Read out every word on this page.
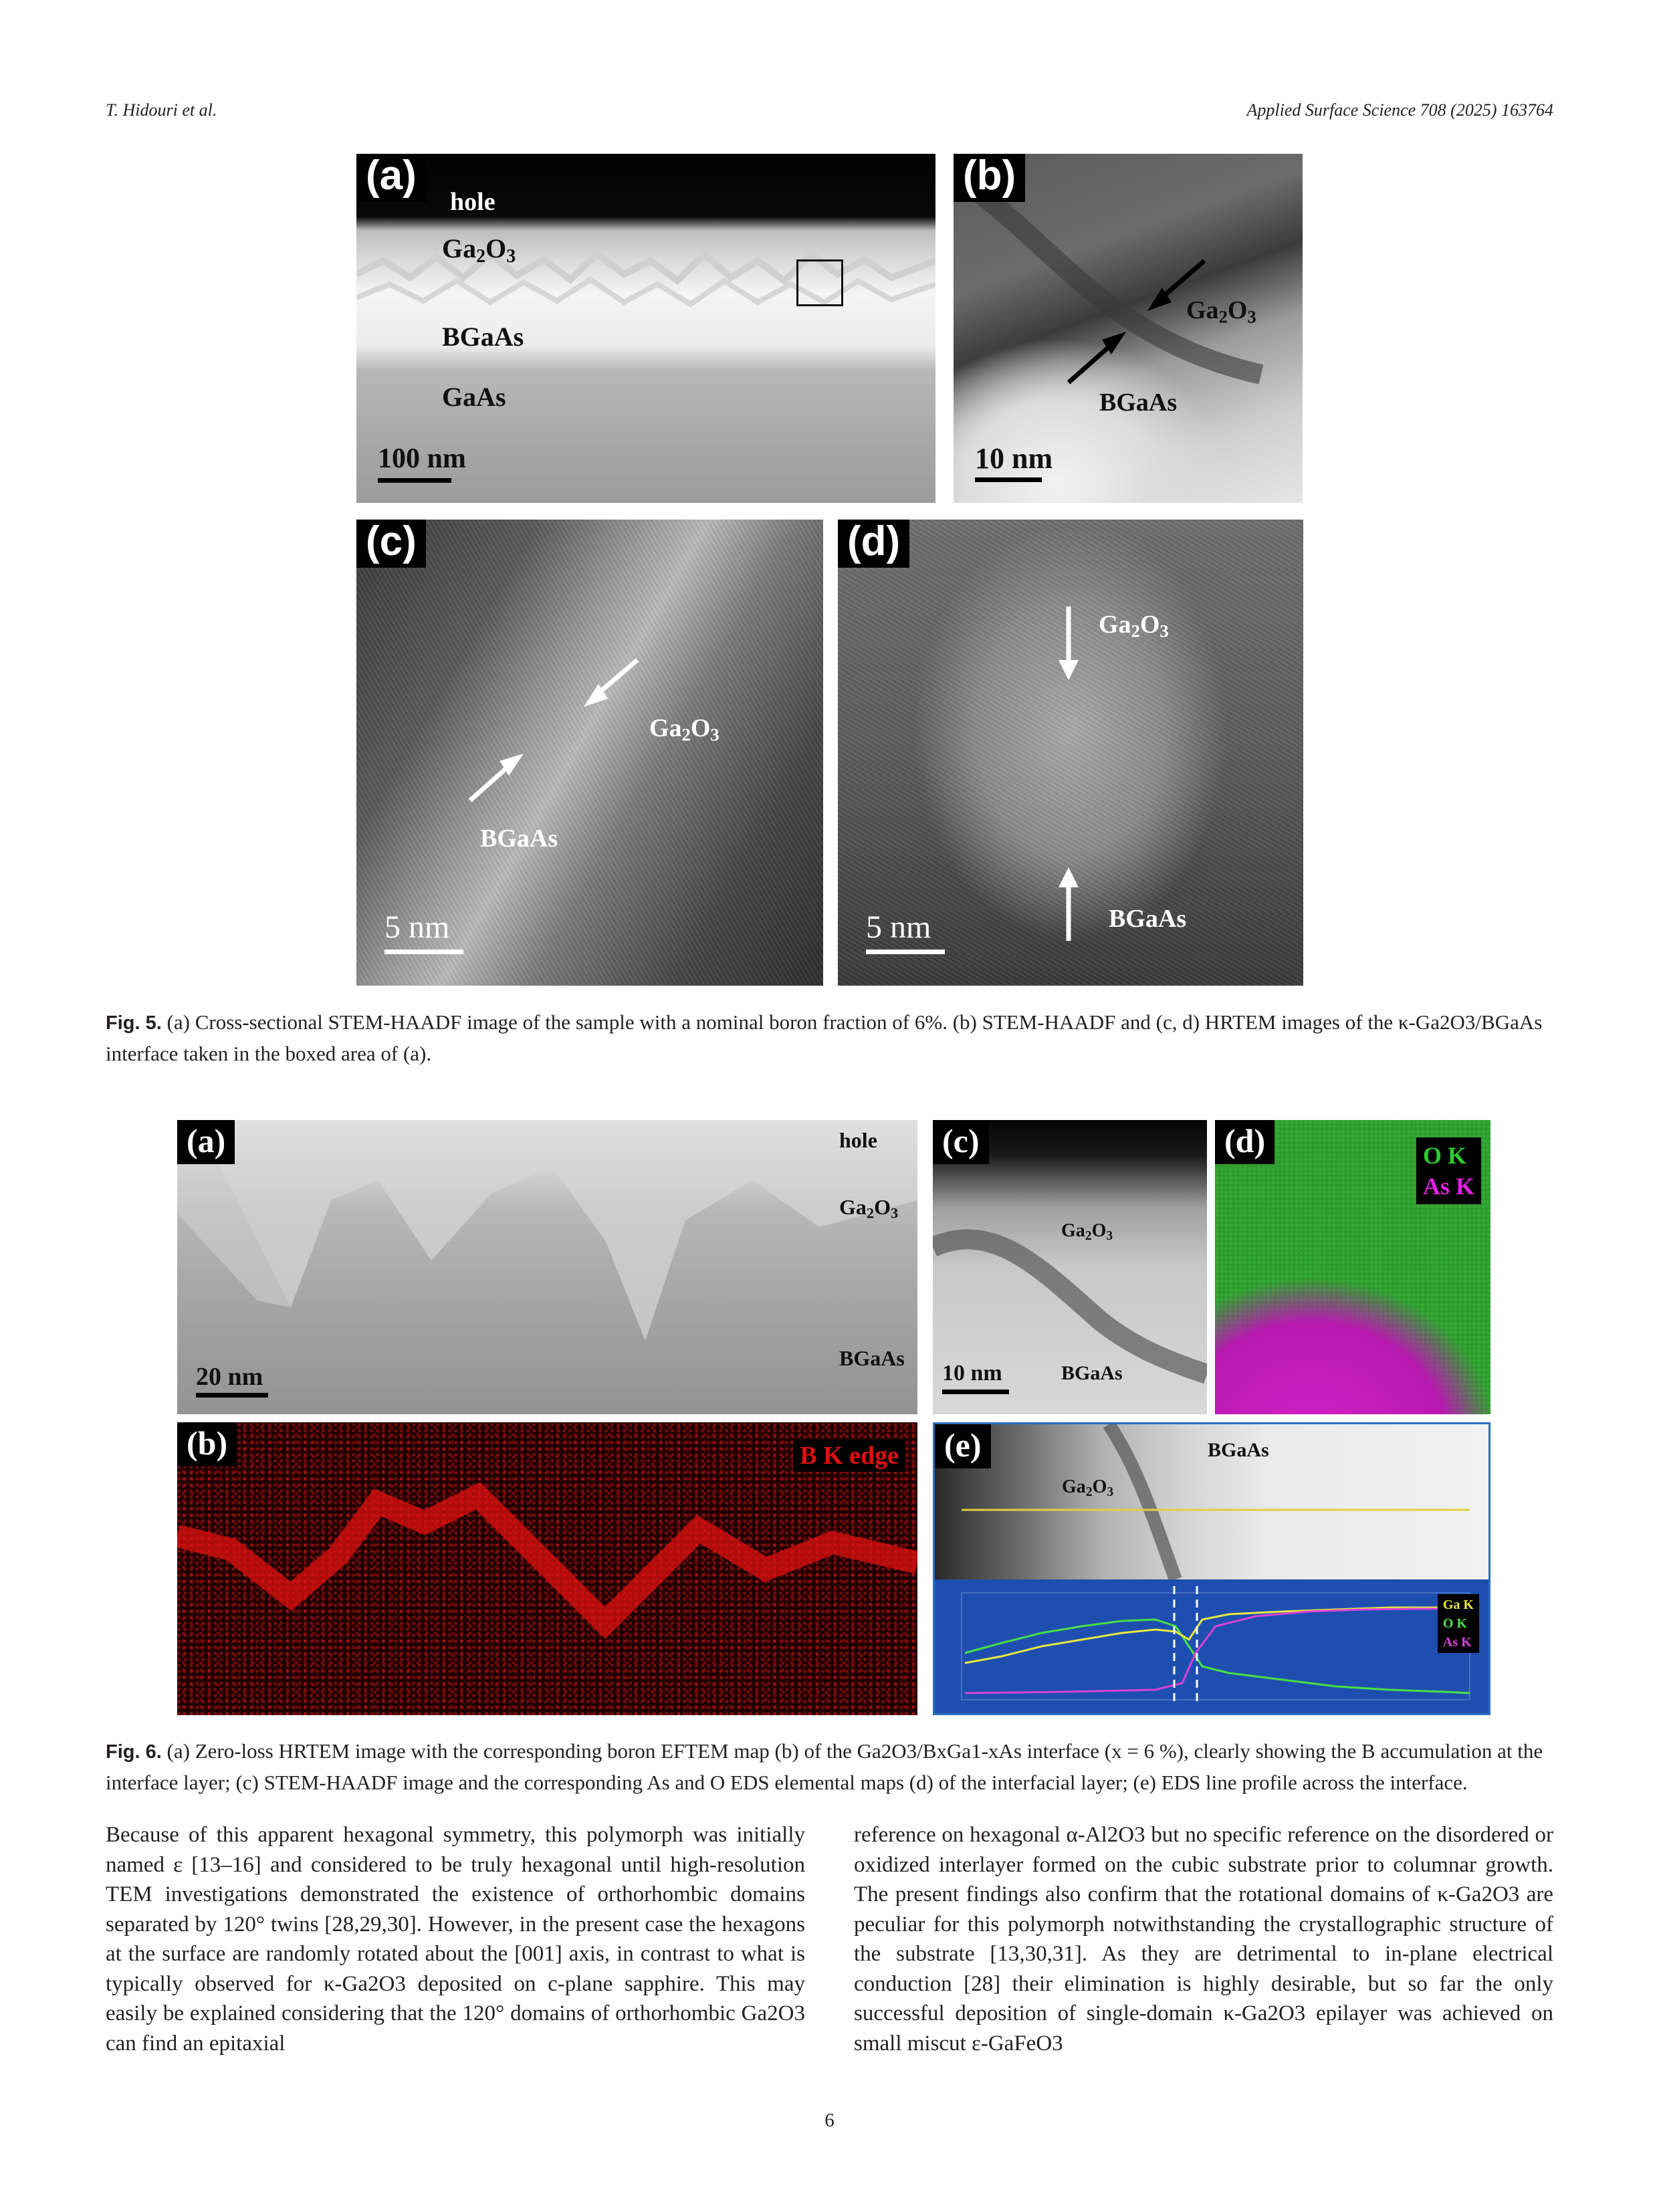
T. Hidouri et al.	Applied Surface Science 708 (2025) 163764
(a)
hole
$Ga_2O_3$
BGaAs
GaAs
100 nm
(b)
$Ga_2O_3$
BGaAs
10 nm
(c)
$Ga_2O_3$
BGaAs
5 nm
(d)
$Ga_2O_3$
BGaAs
5 nm
Fig. 5. (a) Cross-sectional STEM-HAADF image of the sample with a nominal boron fraction of 6%. (b) STEM-HAADF and (c, d) HRTEM images of the κ-Ga2O3/BGaAs interface taken in the boxed area of (a).
(a)	hole
$Ga_2O_3$
BGaAs
20 nm
(b)	B K edge
(c)
$Ga_2O_3$
BGaAs
10 nm
(d)	O K
As K
(e)	BGaAs
$Ga_2O_3$
Ga K
O K
As K
Fig. 6. (a) Zero-loss HRTEM image with the corresponding boron EFTEM map (b) of the Ga2O3/BxGa1-xAs interface (x = 6 %), clearly showing the B accumulation at the interface layer; (c) STEM-HAADF image and the corresponding As and O EDS elemental maps (d) of the interfacial layer; (e) EDS line profile across the interface.
Because of this apparent hexagonal symmetry, this polymorph was initially named ε [13–16] and considered to be truly hexagonal until high-resolution TEM investigations demonstrated the existence of orthorhombic domains separated by 120° twins [28,29,30]. However, in the present case the hexagons at the surface are randomly rotated about the [001] axis, in contrast to what is typically observed for κ-Ga2O3 deposited on c-plane sapphire. This may easily be explained considering that the 120° domains of orthorhombic Ga2O3 can find an epitaxial
reference on hexagonal α-Al2O3 but no specific reference on the disordered or oxidized interlayer formed on the cubic substrate prior to columnar growth. The present findings also confirm that the rotational domains of κ-Ga2O3 are peculiar for this polymorph notwithstanding the crystallographic structure of the substrate [13,30,31]. As they are detrimental to in-plane electrical conduction [28] their elimination is highly desirable, but so far the only successful deposition of single-domain κ-Ga2O3 epilayer was achieved on small miscut ε-GaFeO3
6
